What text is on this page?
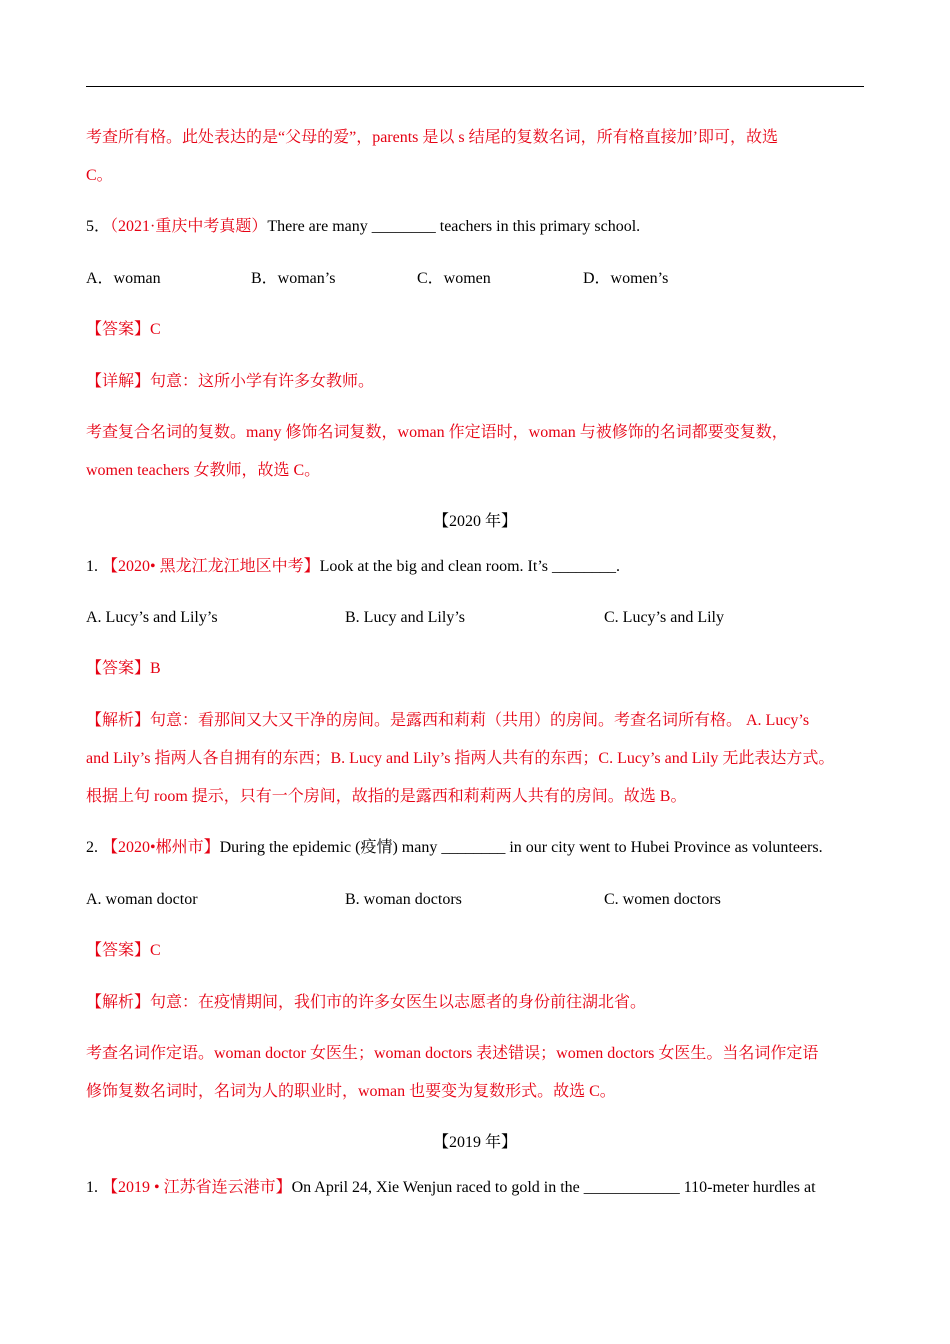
考查所有格。此处表达的是“父母的爱”，parents 是以 s 结尾的复数名词，所有格直接加’即可，故选
C。
5．（2021·重庆中考真题）There are many ________ teachers in this primary school.
A．woman	B．woman’s	C．women	D．women’s
【答案】C
【详解】句意：这所小学有许多女教师。
考查复合名词的复数。many 修饰名词复数，woman 作定语时，woman 与被修饰的名词都要变复数，
women teachers 女教师，故选 C。
【2020 年】
1. 【2020• 黑龙江龙江地区中考】Look at the big and clean room. It’s ________.
A. Lucy’s and Lily’s	B. Lucy and Lily’s	C. Lucy’s and Lily
【答案】B
【解析】句意：看那间又大又干净的房间。是露西和莉莉（共用）的房间。考查名词所有格。 A. Lucy’s
and Lily’s 指两人各自拥有的东西；B. Lucy and Lily’s 指两人共有的东西；C. Lucy’s and Lily 无此表达方式。
根据上句 room 提示，只有一个房间，故指的是露西和莉莉两人共有的房间。故选 B。
2. 【2020•郴州市】During the epidemic (疫情) many ________ in our city went to Hubei Province as volunteers.
A. woman doctor	B. woman doctors	C. women doctors
【答案】C
【解析】句意：在疫情期间，我们市的许多女医生以志愿者的身份前往湖北省。
考查名词作定语。woman doctor 女医生；woman doctors 表述错误；women doctors 女医生。当名词作定语
修饰复数名词时，名词为人的职业时，woman 也要变为复数形式。故选 C。
【2019 年】
1. 【2019 • 江苏省连云港市】On April 24, Xie Wenjun raced to gold in the ____________ 110-meter hurdles at
